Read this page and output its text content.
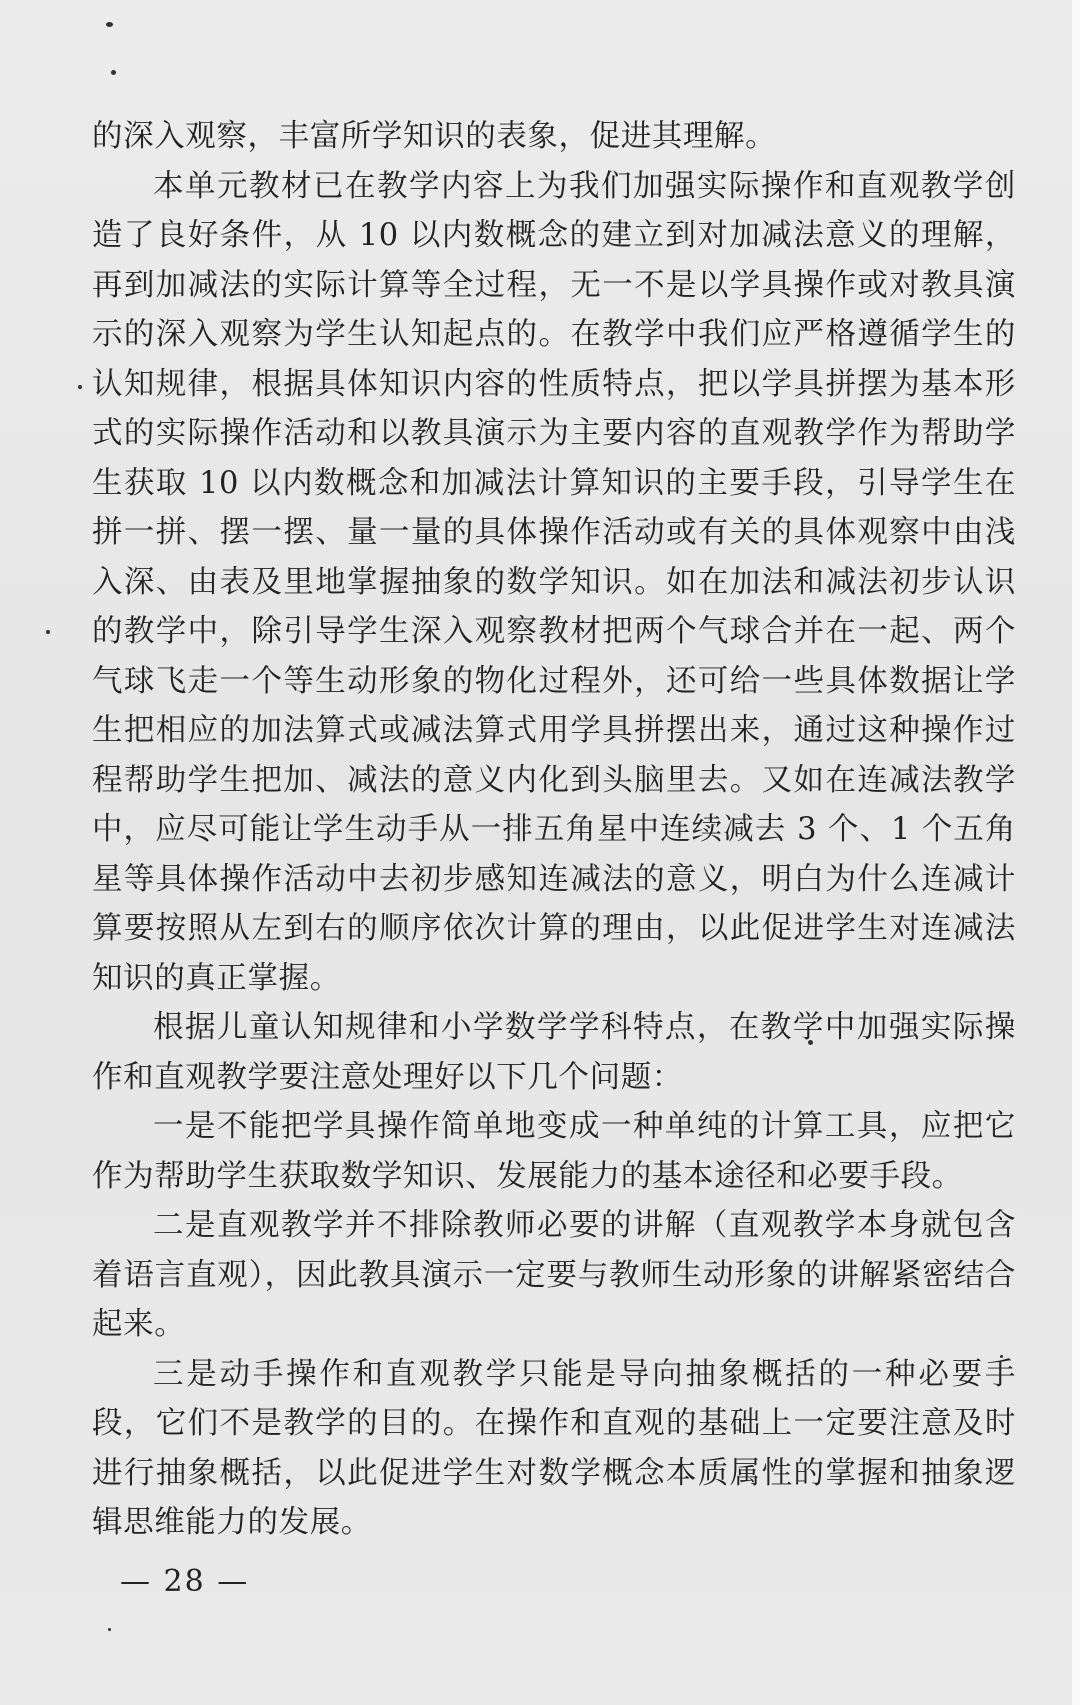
的深入观察，丰富所学知识的表象，促进其理解。

本单元教材已在教学内容上为我们加强实际操作和直观教学创造了良好条件，从 10 以内数概念的建立到对加减法意义的理解，再到加减法的实际计算等全过程，无一不是以学具操作或对教具演示的深入观察为学生认知起点的。在教学中我们应严格遵循学生的认知规律，根据具体知识内容的性质特点，把以学具拼摆为基本形式的实际操作活动和以教具演示为主要内容的直观教学作为帮助学生获取 10 以内数概念和加减法计算知识的主要手段，引导学生在拼一拼、摆一摆、量一量的具体操作活动或有关的具体观察中由浅入深、由表及里地掌握抽象的数学知识。如在加法和减法初步认识的教学中，除引导学生深入观察教材把两个气球合并在一起、两个气球飞走一个等生动形象的物化过程外，还可给一些具体数据让学生把相应的加法算式或减法算式用学具拼摆出来，通过这种操作过程帮助学生把加、减法的意义内化到头脑里去。又如在连减法教学中，应尽可能让学生动手从一排五角星中连续减去 3 个、1 个五角星等具体操作活动中去初步感知连减法的意义，明白为什么连减计算要按照从左到右的顺序依次计算的理由，以此促进学生对连减法知识的真正掌握。

根据儿童认知规律和小学数学学科特点，在教学中加强实际操作和直观教学要注意处理好以下几个问题：

一是不能把学具操作简单地变成一种单纯的计算工具，应把它作为帮助学生获取数学知识、发展能力的基本途径和必要手段。

二是直观教学并不排除教师必要的讲解（直观教学本身就包含着语言直观），因此教具演示一定要与教师生动形象的讲解紧密结合起来。

三是动手操作和直观教学只能是导向抽象概括的一种必要手段，它们不是教学的目的。在操作和直观的基础上一定要注意及时进行抽象概括，以此促进学生对数学概念本质属性的掌握和抽象逻辑思维能力的发展。

— 28 —
